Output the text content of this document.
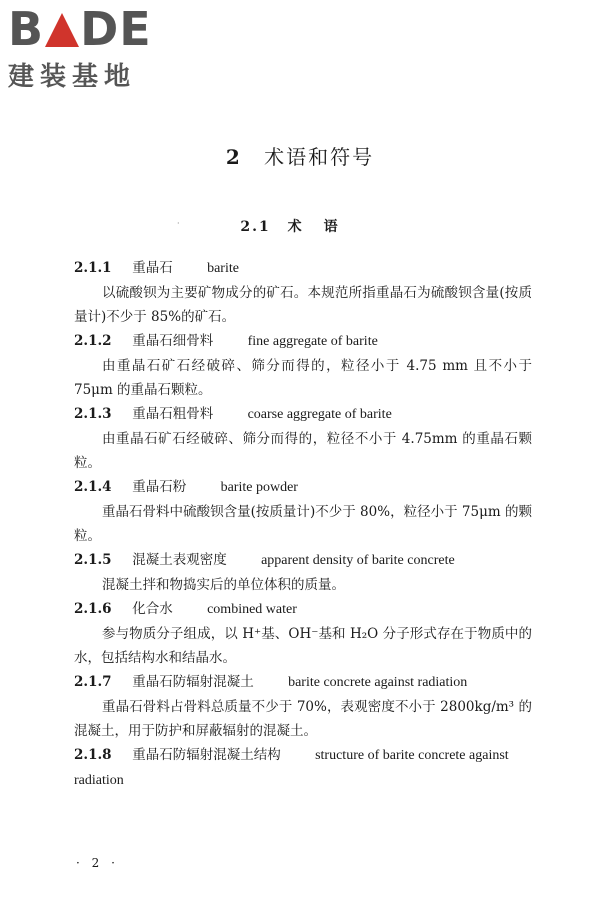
B DE
建装基地
2 术语和符号
·	2.1 术语
2.1.1 重晶石 barite
以硫酸钡为主要矿物成分的矿石。本规范所指重晶石为硫酸钡含量(按质量计)不少于 85%的矿石。
2.1.2 重晶石细骨料 fine aggregate of barite
由重晶石矿石经破碎、筛分而得的，粒径小于 4.75 mm 且不小于 75μm 的重晶石颗粒。
2.1.3 重晶石粗骨料 coarse aggregate of barite
由重晶石矿石经破碎、筛分而得的，粒径不小于 4.75mm 的重晶石颗粒。
2.1.4 重晶石粉 barite powder
重晶石骨料中硫酸钡含量(按质量计)不少于 80%，粒径小于 75μm 的颗粒。
2.1.5 混凝土表观密度 apparent density of barite concrete
混凝土拌和物捣实后的单位体积的质量。
2.1.6 化合水 combined water
参与物质分子组成，以 H⁺基、OH⁻基和 H₂O 分子形式存在于物质中的水，包括结构水和结晶水。
2.1.7 重晶石防辐射混凝土 barite concrete against radiation
重晶石骨料占骨料总质量不少于 70%，表观密度不小于 2800kg/m³ 的混凝土，用于防护和屏蔽辐射的混凝土。
2.1.8 重晶石防辐射混凝土结构 structure of barite concrete against radiation
· 2 ·
